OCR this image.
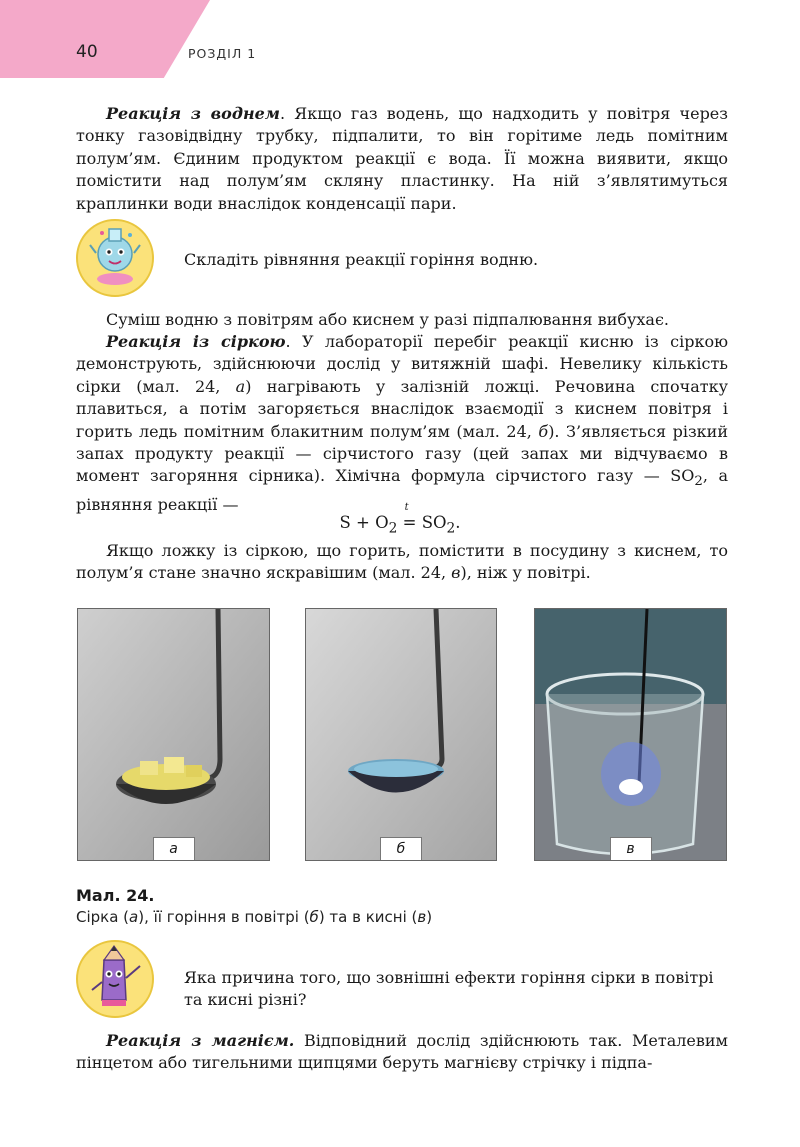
40	РОЗДІЛ 1

Реакція з воднем. Якщо газ водень, що надходить у повітря через тонку газовідвідну трубку, підпалити, то він горітиме ледь помітним полум’ям. Єдиним продуктом реакції є вода. Її можна виявити, якщо помістити над полум’ям скляну пластинку. На ній з’являтимуться краплинки води внаслідок конденсації пари.

Складіть рівняння реакції горіння водню.

Суміш водню з повітрям або киснем у разі підпалювання вибухає.

Реакція із сіркою. У лабораторії перебіг реакції кисню із сіркою демонструють, здійснюючи дослід у витяжній шафі. Невелику кількість сірки (мал. 24, а) нагрівають у залізній ложці. Речовина спочатку плавиться, а потім загоряється внаслідок взаємодії з киснем повітря і горить ледь помітним блакитним полум’ям (мал. 24, б). З’являється різкий запах продукту реакції — сірчистого газу (цей запах ми відчуваємо в момент загоряння сірника). Хімічна формула сірчистого газу — $SO_2$, а рівняння реакції —

$S + O_2$
t
= $SO_2$.

Якщо ложку із сіркою, що горить, помістити в посудину з киснем, то полум’я стане значно яскравішим (мал. 24, в), ніж у повітрі.

а	б	в
Мал. 24.
Сірка (а), її горіння в повітрі (б) та в кисні (в)

Яка причина того, що зовнішні ефекти горіння сірки в повітрі та кисні різні?

Реакція з магнієм. Відповідний дослід здійснюють так. Металевим пінцетом або тигельними щипцями беруть магнієву стрічку і підпа-
